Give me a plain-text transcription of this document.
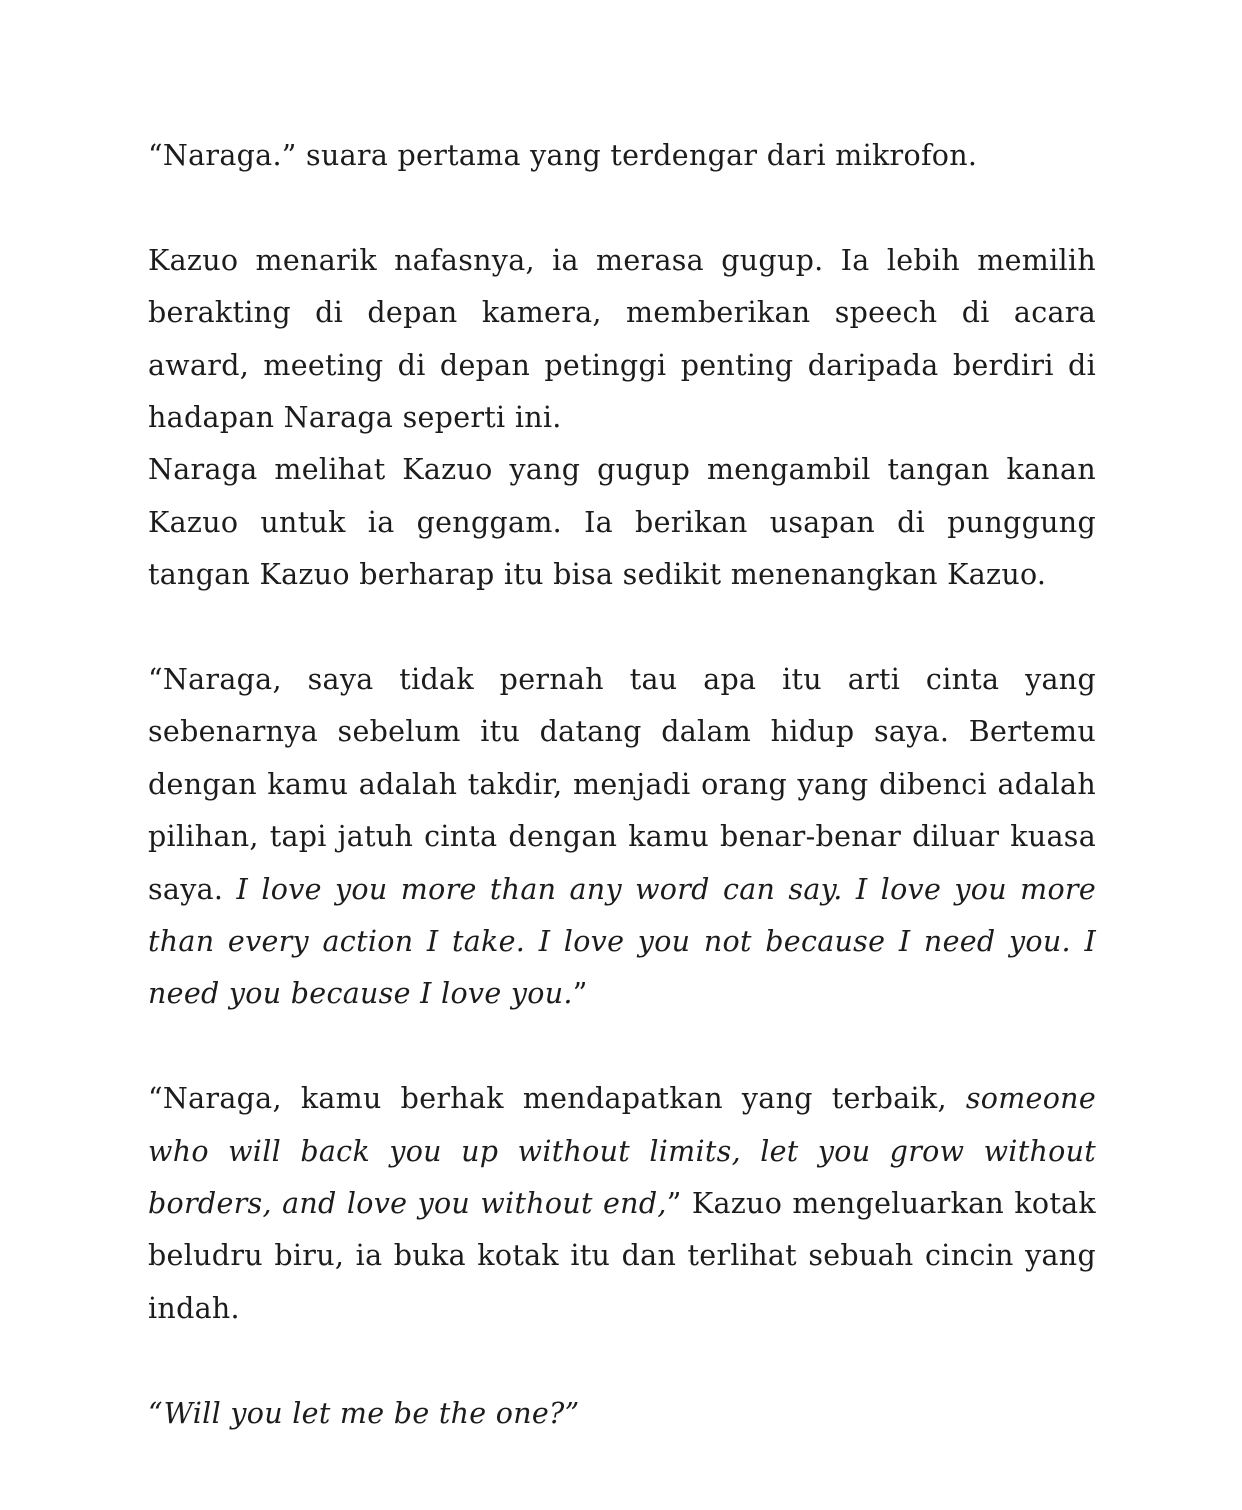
“Naraga.” suara pertama yang terdengar dari mikrofon.

Kazuo menarik nafasnya, ia merasa gugup. Ia lebih memilih berakting di depan kamera, memberikan speech di acara award, meeting di depan petinggi penting daripada berdiri di hadapan Naraga seperti ini.

Naraga melihat Kazuo yang gugup mengambil tangan kanan Kazuo untuk ia genggam. Ia berikan usapan di punggung tangan Kazuo berharap itu bisa sedikit menenangkan Kazuo.

“Naraga, saya tidak pernah tau apa itu arti cinta yang sebenarnya sebelum itu datang dalam hidup saya. Bertemu dengan kamu adalah takdir, menjadi orang yang dibenci adalah pilihan, tapi jatuh cinta dengan kamu benar-benar diluar kuasa saya. I love you more than any word can say. I love you more than every action I take. I love you not because I need you. I need you because I love you.”

“Naraga, kamu berhak mendapatkan yang terbaik, someone who will back you up without limits, let you grow without borders, and love you without end,” Kazuo mengeluarkan kotak beludru biru, ia buka kotak itu dan terlihat sebuah cincin yang indah.

“Will you let me be the one?”
